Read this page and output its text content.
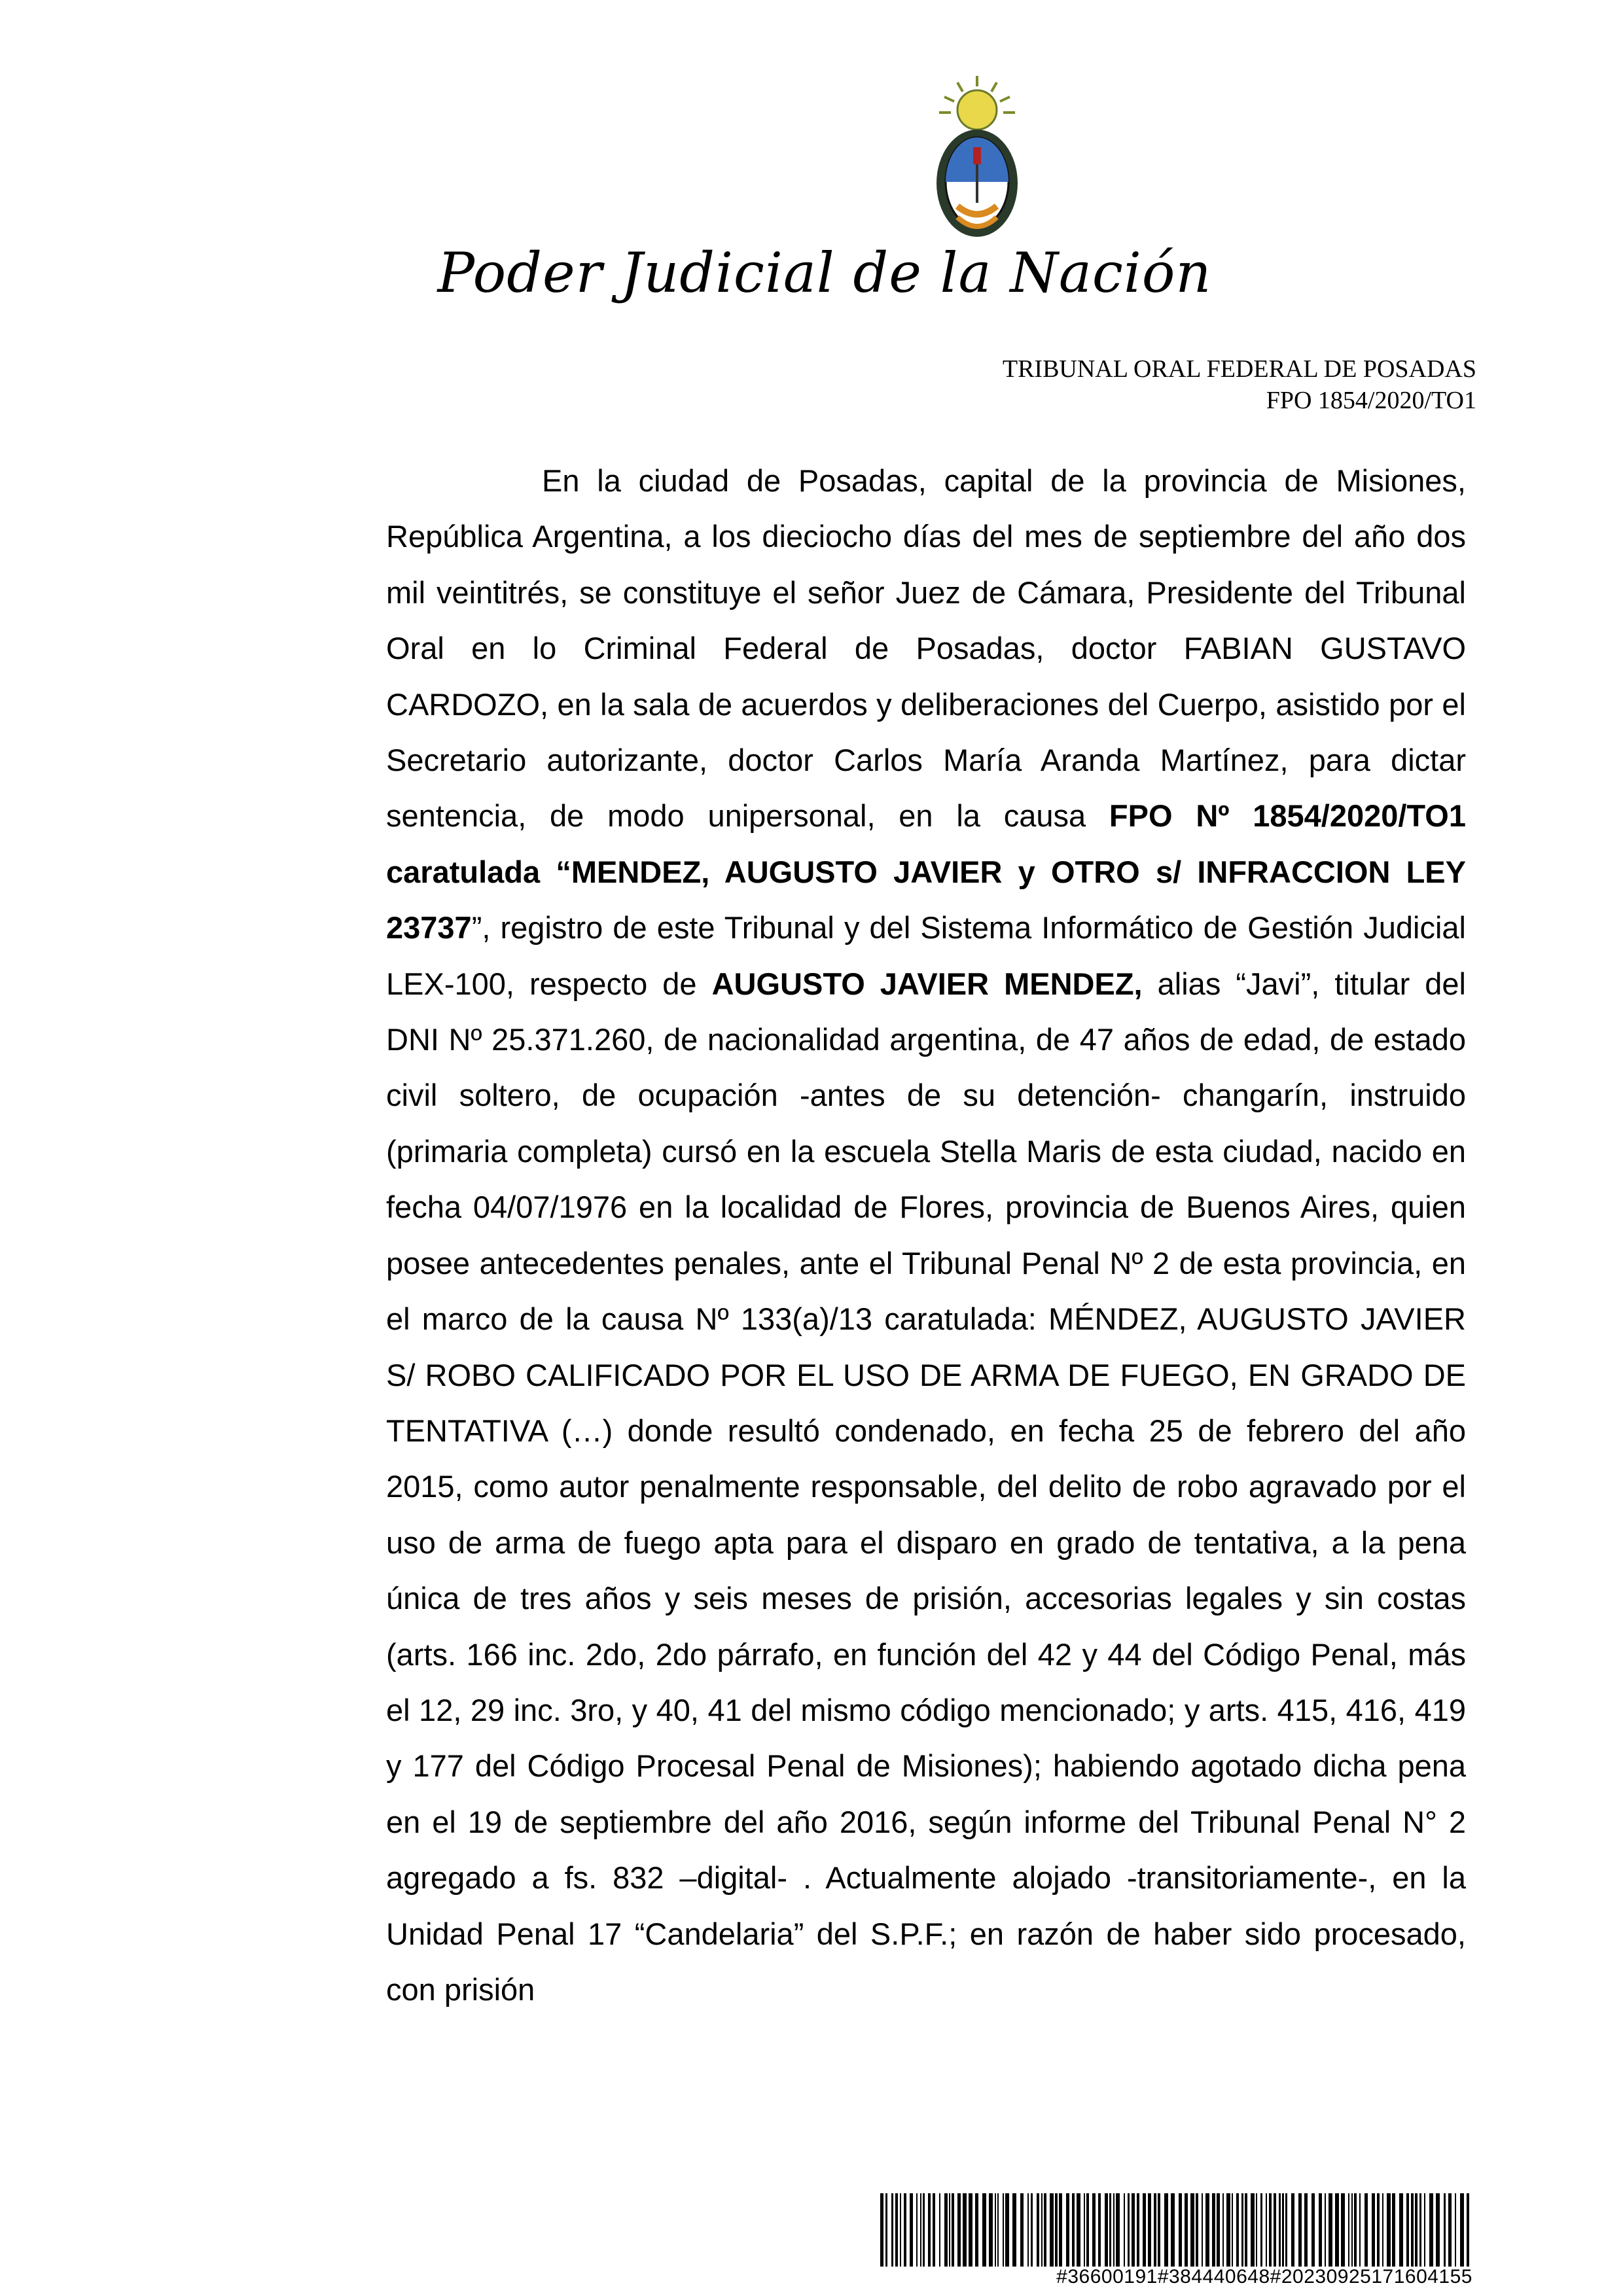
Poder Judicial de la Nación
TRIBUNAL ORAL FEDERAL DE POSADAS
FPO 1854/2020/TO1

En la ciudad de Posadas, capital de la provincia de Misiones, República Argentina, a los dieciocho días del mes de septiembre del año dos mil veintitrés, se constituye el señor Juez de Cámara, Presidente del Tribunal Oral en lo Criminal Federal de Posadas, doctor FABIAN GUSTAVO CARDOZO, en la sala de acuerdos y deliberaciones del Cuerpo, asistido por el Secretario autorizante, doctor Carlos María Aranda Martínez, para dictar sentencia, de modo unipersonal, en la causa FPO Nº 1854/2020/TO1 caratulada “MENDEZ, AUGUSTO JAVIER y OTRO s/ INFRACCION LEY 23737”, registro de este Tribunal y del Sistema Informático de Gestión Judicial LEX-100, respecto de AUGUSTO JAVIER MENDEZ, alias “Javi”, titular del DNI Nº 25.371.260, de nacionalidad argentina, de 47 años de edad, de estado civil soltero, de ocupación -antes de su detención- changarín, instruido (primaria completa) cursó en la escuela Stella Maris de esta ciudad, nacido en fecha 04/07/1976 en la localidad de Flores, provincia de Buenos Aires, quien posee antecedentes penales, ante el Tribunal Penal Nº 2 de esta provincia, en el marco de la causa Nº 133(a)/13 caratulada: MÉNDEZ, AUGUSTO JAVIER S/ ROBO CALIFICADO POR EL USO DE ARMA DE FUEGO, EN GRADO DE TENTATIVA (…) donde resultó condenado, en fecha 25 de febrero del año 2015, como autor penalmente responsable, del delito de robo agravado por el uso de arma de fuego apta para el disparo en grado de tentativa, a la pena única de tres años y seis meses de prisión, accesorias legales y sin costas (arts. 166 inc. 2do, 2do párrafo, en función del 42 y 44 del Código Penal, más el 12, 29 inc. 3ro, y 40, 41 del mismo código mencionado; y arts. 415, 416, 419 y 177 del Código Procesal Penal de Misiones); habiendo agotado dicha pena en el 19 de septiembre del año 2016, según informe del Tribunal Penal N° 2 agregado a fs. 832 –digital- . Actualmente alojado -transitoriamente-, en la Unidad Penal 17 “Candelaria” del S.P.F.; en razón de haber sido procesado, con prisión

#36600191#384440648#20230925171604155
